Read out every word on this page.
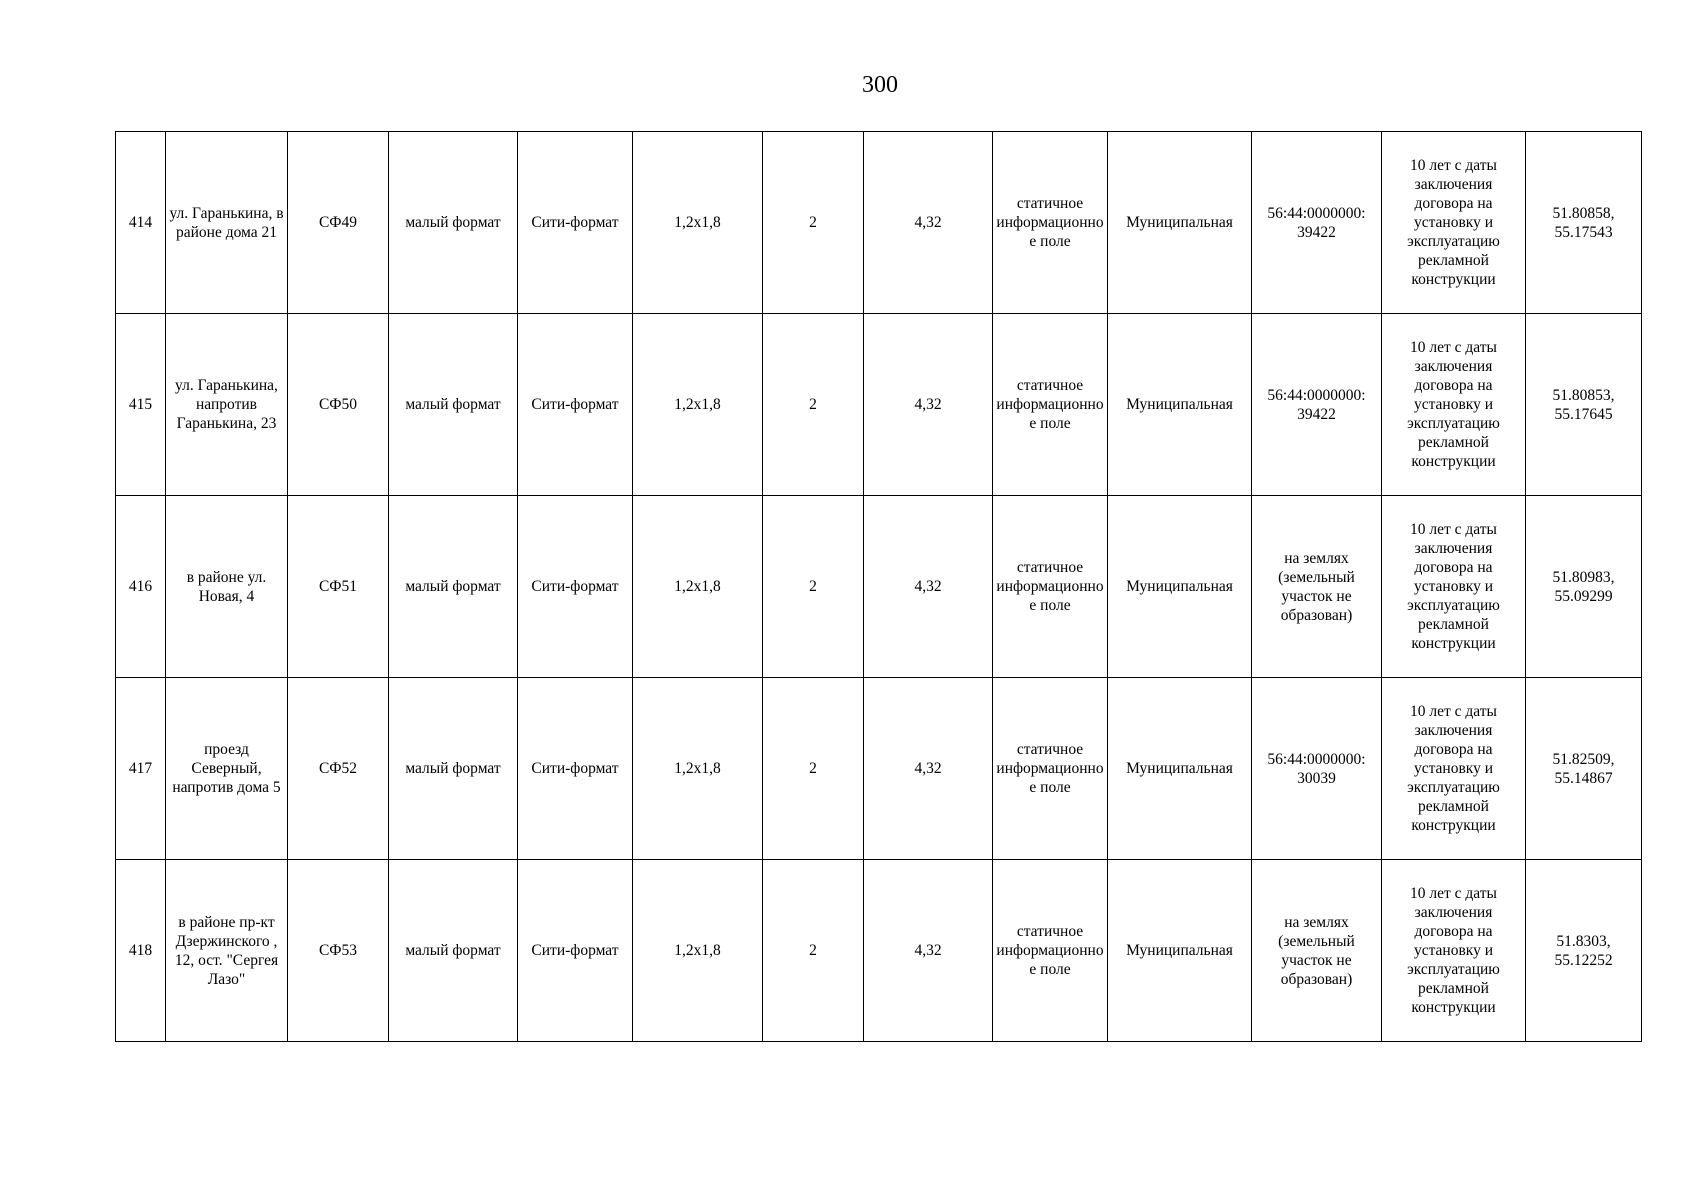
300
414	ул. Гаранькина, в районе дома 21	СФ49	малый формат	Сити-формат	1,2x1,8	2	4,32	статичное информационное поле	Муниципальная	56:44:0000000: 39422	10 лет с даты заключения договора на установку и эксплуатацию рекламной конструкции	51.80858, 55.17543
415	ул. Гаранькина, напротив Гаранькина, 23	СФ50	малый формат	Сити-формат	1,2x1,8	2	4,32	статичное информационное поле	Муниципальная	56:44:0000000: 39422	10 лет с даты заключения договора на установку и эксплуатацию рекламной конструкции	51.80853, 55.17645
416	в районе ул. Новая, 4	СФ51	малый формат	Сити-формат	1,2x1,8	2	4,32	статичное информационное поле	Муниципальная	на землях (земельный участок не образован)	10 лет с даты заключения договора на установку и эксплуатацию рекламной конструкции	51.80983, 55.09299
417	проезд Северный, напротив дома 5	СФ52	малый формат	Сити-формат	1,2x1,8	2	4,32	статичное информационное поле	Муниципальная	56:44:0000000: 30039	10 лет с даты заключения договора на установку и эксплуатацию рекламной конструкции	51.82509, 55.14867
418	в районе пр-кт Дзержинского , 12, ост. "Сергея Лазо"	СФ53	малый формат	Сити-формат	1,2x1,8	2	4,32	статичное информационное поле	Муниципальная	на землях (земельный участок не образован)	10 лет с даты заключения договора на установку и эксплуатацию рекламной конструкции	51.8303, 55.12252
